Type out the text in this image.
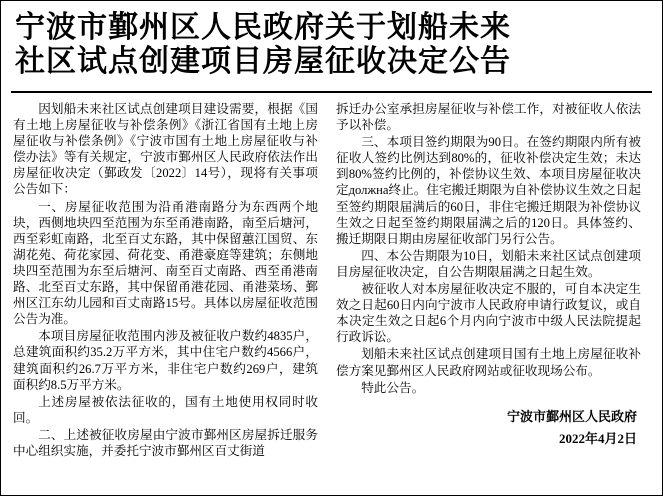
宁波市鄞州区人民政府关于划船未来
社区试点创建项目房屋征收决定公告

因划船未来社区试点创建项目建设需要，根据《国有土地上房屋征收与补偿条例》《浙江省国有土地上房屋征收与补偿条例》《宁波市国有土地上房屋征收与补偿办法》等有关规定，宁波市鄞州区人民政府依法作出房屋征收决定（鄞政发〔2022〕14号），现将有关事项公告如下：

一、房屋征收范围为沿甬港南路分为东西两个地块，西侧地块四至范围为东至甬港南路，南至后塘河，西至彩虹南路，北至百丈东路，其中保留蕙江国贸、东湖花苑、荷花家园、荷花变、甬港豪庭等建筑；东侧地块四至范围为东至后塘河、南至百丈南路、西至甬港南路、北至百丈东路，其中保留甬港花园、甬港菜场、鄞州区江东幼儿园和百丈南路15号。具体以房屋征收范围公告为准。

本项目房屋征收范围内涉及被征收户数约4835户，总建筑面积约35.2万平方米，其中住宅户数约4566户，建筑面积约26.7万平方米，非住宅户数约269户，建筑面积约8.5万平方米。

上述房屋被依法征收的，国有土地使用权同时收回。

二、上述被征收房屋由宁波市鄞州区房屋拆迁服务中心组织实施，并委托宁波市鄞州区百丈街道

拆迁办公室承担房屋征收与补偿工作，对被征收人依法予以补偿。

三、本项目签约期限为90日。在签约期限内所有被征收人签约比例达到80%的，征收补偿决定生效；未达到80%签约比例的，补偿协议生效、本项目房屋征收决定должна终止。住宅搬迁期限为自补偿协议生效之日起至签约期限届满后的60日，非住宅搬迁期限为补偿协议生效之日起至签约期限届满之后的120日。具体签约、搬迁期限日期由房屋征收部门另行公告。

四、本公告期限为10日，划船未来社区试点创建项目房屋征收决定，自公告期限届满之日起生效。

被征收人对本房屋征收决定不服的，可自本决定生效之日起60日内向宁波市人民政府申请行政复议，或自本决定生效之日起6个月内向宁波市中级人民法院提起行政诉讼。

划船未来社区试点创建项目国有土地上房屋征收补偿方案见鄞州区人民政府网站或征收现场公布。

特此公告。

宁波市鄞州区人民政府
2022年4月2日
